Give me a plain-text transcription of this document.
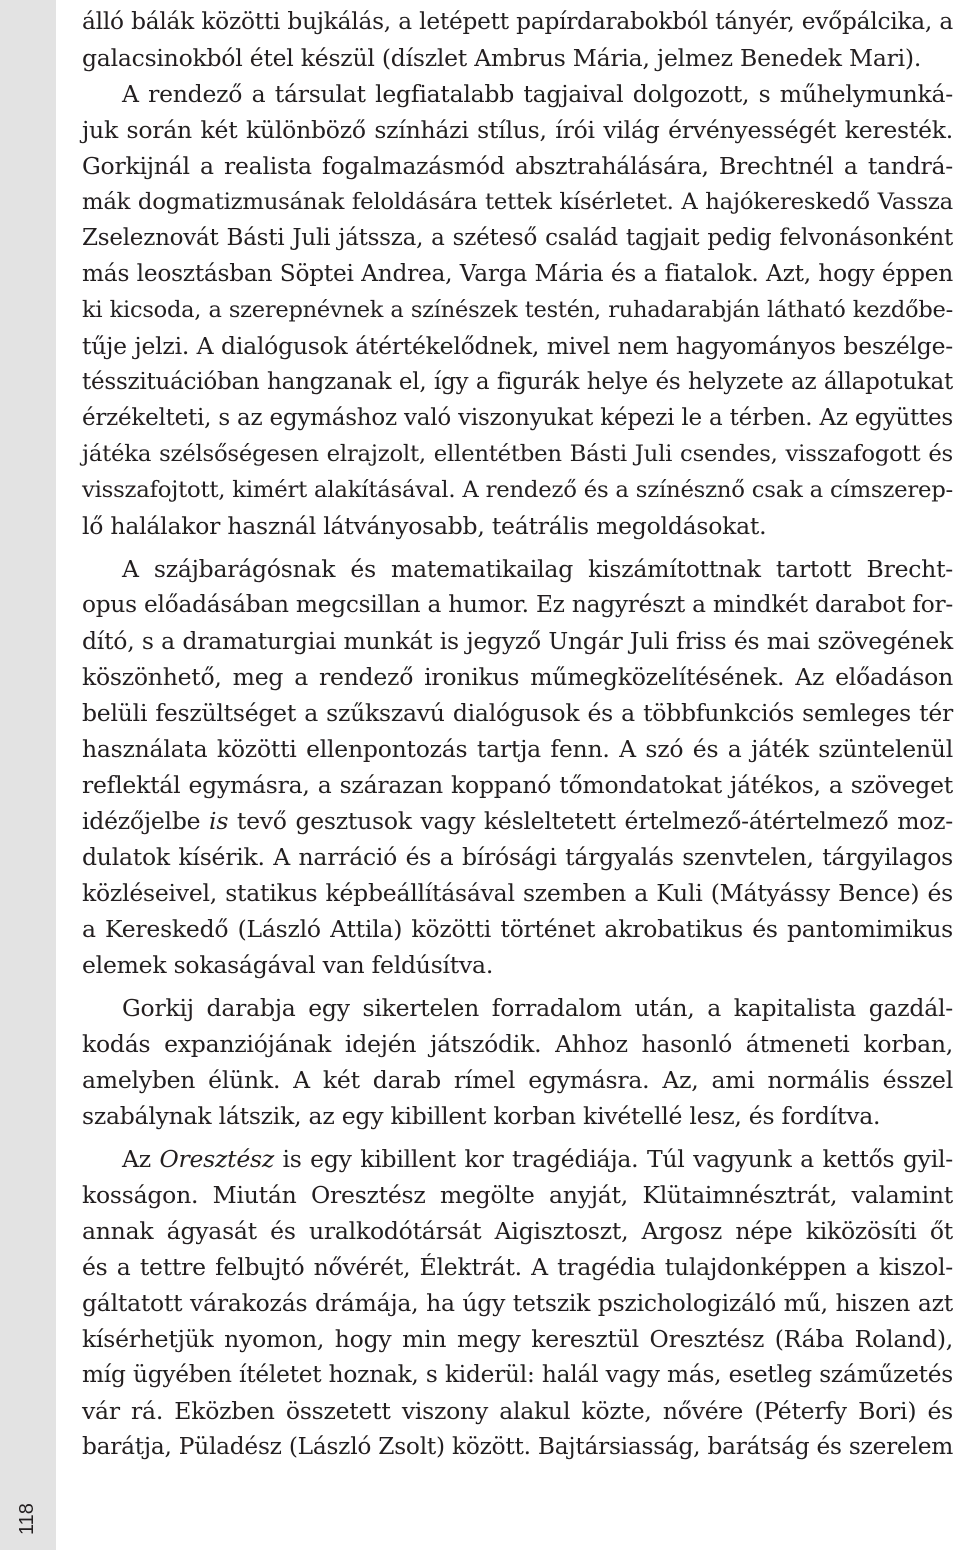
118
álló bálák közötti bujkálás, a letépett papírdarabokból tányér, evőpálcika, a
galacsinokból étel készül (díszlet Ambrus Mária, jelmez Benedek Mari).
A rendező a társulat legfiatalabb tagjaival dolgozott, s műhelymunká-
juk során két különböző színházi stílus, írói világ érvényességét keresték.
Gorkijnál a realista fogalmazásmód absztrahálására, Brechtnél a tandrá-
mák dogmatizmusának feloldására tettek kísérletet. A hajókereskedő Vassza
Zseleznovát Básti Juli játssza, a széteső család tagjait pedig felvonásonként
más leosztásban Söptei Andrea, Varga Mária és a fiatalok. Azt, hogy éppen
ki kicsoda, a szerepnévnek a színészek testén, ruhadarabján látható kezdőbe-
tűje jelzi. A dialógusok átértékelődnek, mivel nem hagyományos beszélge-
tésszituációban hangzanak el, így a figurák helye és helyzete az állapotukat
érzékelteti, s az egymáshoz való viszonyukat képezi le a térben. Az együttes
játéka szélsőségesen elrajzolt, ellentétben Básti Juli csendes, visszafogott és
visszafojtott, kimért alakításával. A rendező és a színésznő csak a címszerep-
lő halálakor használ látványosabb, teátrális megoldásokat.
A szájbarágósnak és matematikailag kiszámítottnak tartott Brecht-
opus előadásában megcsillan a humor. Ez nagyrészt a mindkét darabot for-
dító, s a dramaturgiai munkát is jegyző Ungár Juli friss és mai szövegének
köszönhető, meg a rendező ironikus műmegközelítésének. Az előadáson
belüli feszültséget a szűkszavú dialógusok és a többfunkciós semleges tér
használata közötti ellenpontozás tartja fenn. A szó és a játék szüntelenül
reflektál egymásra, a szárazan koppanó tőmondatokat játékos, a szöveget
idézőjelbe is tevő gesztusok vagy késleltetett értelmező-átértelmező moz-
dulatok kísérik. A narráció és a bírósági tárgyalás szenvtelen, tárgyilagos
közléseivel, statikus képbeállításával szemben a Kuli (Mátyássy Bence) és
a Kereskedő (László Attila) közötti történet akrobatikus és pantomimikus
elemek sokaságával van feldúsítva.
Gorkij darabja egy sikertelen forradalom után, a kapitalista gazdál-
kodás expanziójának idején játszódik. Ahhoz hasonló átmeneti korban,
amelyben élünk. A két darab rímel egymásra. Az, ami normális ésszel
szabálynak látszik, az egy kibillent korban kivétellé lesz, és fordítva.
Az Oresztész is egy kibillent kor tragédiája. Túl vagyunk a kettős gyil-
kosságon. Miután Oresztész megölte anyját, Klütaimnésztrát, valamint
annak ágyasát és uralkodótársát Aigisztoszt, Argosz népe kiközösíti őt
és a tettre felbujtó nővérét, Élektrát. A tragédia tulajdonképpen a kiszol-
gáltatott várakozás drámája, ha úgy tetszik pszichologizáló mű, hiszen azt
kísérhetjük nyomon, hogy min megy keresztül Oresztész (Rába Roland),
míg ügyében ítéletet hoznak, s kiderül: halál vagy más, esetleg száműzetés
vár rá. Eközben összetett viszony alakul közte, nővére (Péterfy Bori) és
barátja, Püladész (László Zsolt) között. Bajtársiasság, barátság és szerelem
